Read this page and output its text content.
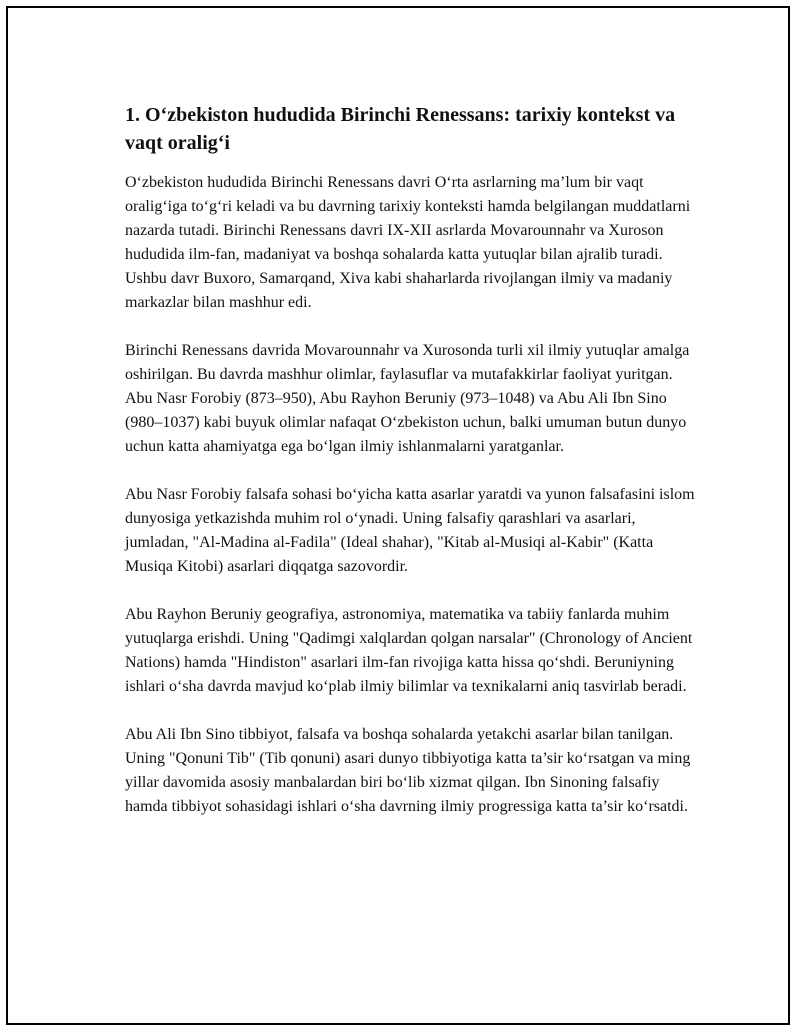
1. O‘zbekiston hududida Birinchi Renessans: tarixiy kontekst va vaqt oralig‘i

O‘zbekiston hududida Birinchi Renessans davri O‘rta asrlarning ma’lum bir vaqt oralig‘iga to‘g‘ri keladi va bu davrning tarixiy konteksti hamda belgilangan muddatlarni nazarda tutadi. Birinchi Renessans davri IX-XII asrlarda Movarounnahr va Xuroson hududida ilm-fan, madaniyat va boshqa sohalarda katta yutuqlar bilan ajralib turadi. Ushbu davr Buxoro, Samarqand, Xiva kabi shaharlarda rivojlangan ilmiy va madaniy markazlar bilan mashhur edi.

Birinchi Renessans davrida Movarounnahr va Xurosonda turli xil ilmiy yutuqlar amalga oshirilgan. Bu davrda mashhur olimlar, faylasuflar va mutafakkirlar faoliyat yuritgan. Abu Nasr Forobiy (873–950), Abu Rayhon Beruniy (973–1048) va Abu Ali Ibn Sino (980–1037) kabi buyuk olimlar nafaqat O‘zbekiston uchun, balki umuman butun dunyo uchun katta ahamiyatga ega bo‘lgan ilmiy ishlanmalarni yaratganlar.

Abu Nasr Forobiy falsafa sohasi bo‘yicha katta asarlar yaratdi va yunon falsafasini islom dunyosiga yetkazishda muhim rol o‘ynadi. Uning falsafiy qarashlari va asarlari, jumladan, "Al-Madina al-Fadila" (Ideal shahar), "Kitab al-Musiqi al-Kabir" (Katta Musiqa Kitobi) asarlari diqqatga sazovordir.

Abu Rayhon Beruniy geografiya, astronomiya, matematika va tabiiy fanlarda muhim yutuqlarga erishdi. Uning "Qadimgi xalqlardan qolgan narsalar" (Chronology of Ancient Nations) hamda "Hindiston" asarlari ilm-fan rivojiga katta hissa qo‘shdi. Beruniyning ishlari o‘sha davrda mavjud ko‘plab ilmiy bilimlar va texnikalarni aniq tasvirlab beradi.

Abu Ali Ibn Sino tibbiyot, falsafa va boshqa sohalarda yetakchi asarlar bilan tanilgan. Uning "Qonuni Tib" (Tib qonuni) asari dunyo tibbiyotiga katta ta’sir ko‘rsatgan va ming yillar davomida asosiy manbalardan biri bo‘lib xizmat qilgan. Ibn Sinoning falsafiy hamda tibbiyot sohasidagi ishlari o‘sha davrning ilmiy progressiga katta ta’sir ko‘rsatdi.
